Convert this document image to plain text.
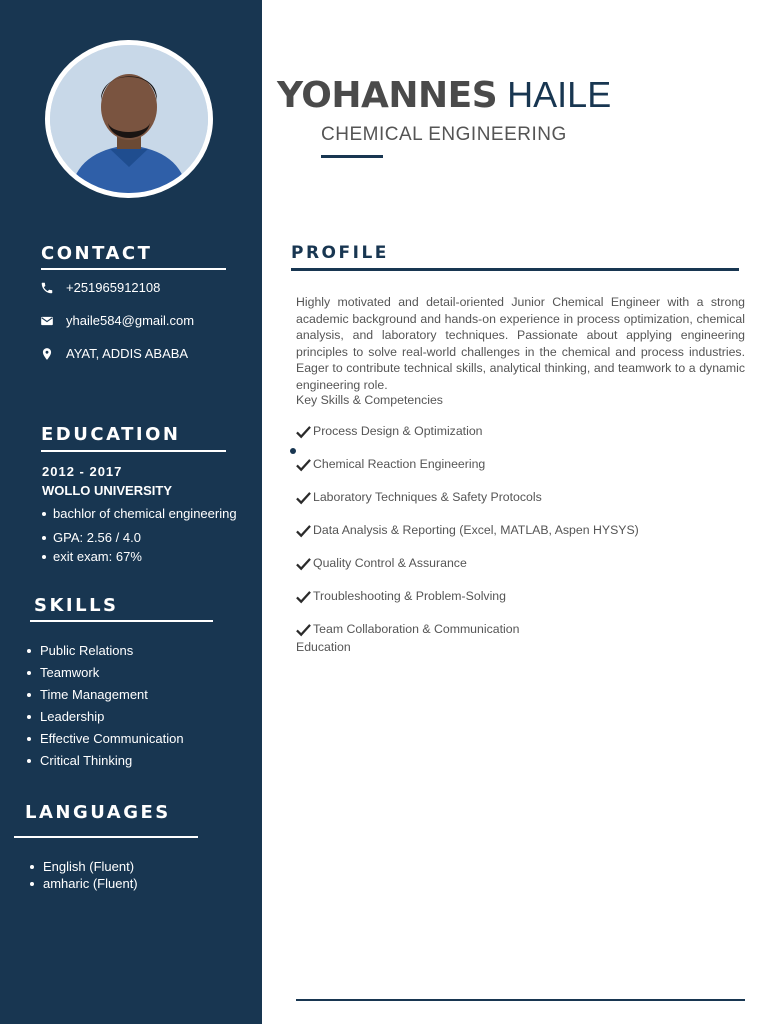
CONTACT
+251965912108
yhaile584@gmail.com
AYAT, ADDIS ABABA
EDUCATION
2012 - 2017
WOLLO UNIVERSITY
bachlor of chemical engineering
GPA: 2.56 / 4.0
exit exam: 67%
SKILLS
Public Relations
Teamwork
Time Management
Leadership
Effective Communication
Critical Thinking
LANGUAGES
English (Fluent)
amharic (Fluent)
YOHANNES HAILE
CHEMICAL ENGINEERING
PROFILE
Highly motivated and detail-oriented Junior Chemical Engineer with a strong academic background and hands-on experience in process optimization, chemical analysis, and laboratory techniques. Passionate about applying engineering principles to solve real-world challenges in the chemical and process industries. Eager to contribute technical skills, analytical thinking, and teamwork to a dynamic engineering role.
Key Skills & Competencies
Process Design & Optimization
Chemical Reaction Engineering
Laboratory Techniques & Safety Protocols
Data Analysis & Reporting (Excel, MATLAB, Aspen HYSYS)
Quality Control & Assurance
Troubleshooting & Problem-Solving
Team Collaboration & Communication
Education
